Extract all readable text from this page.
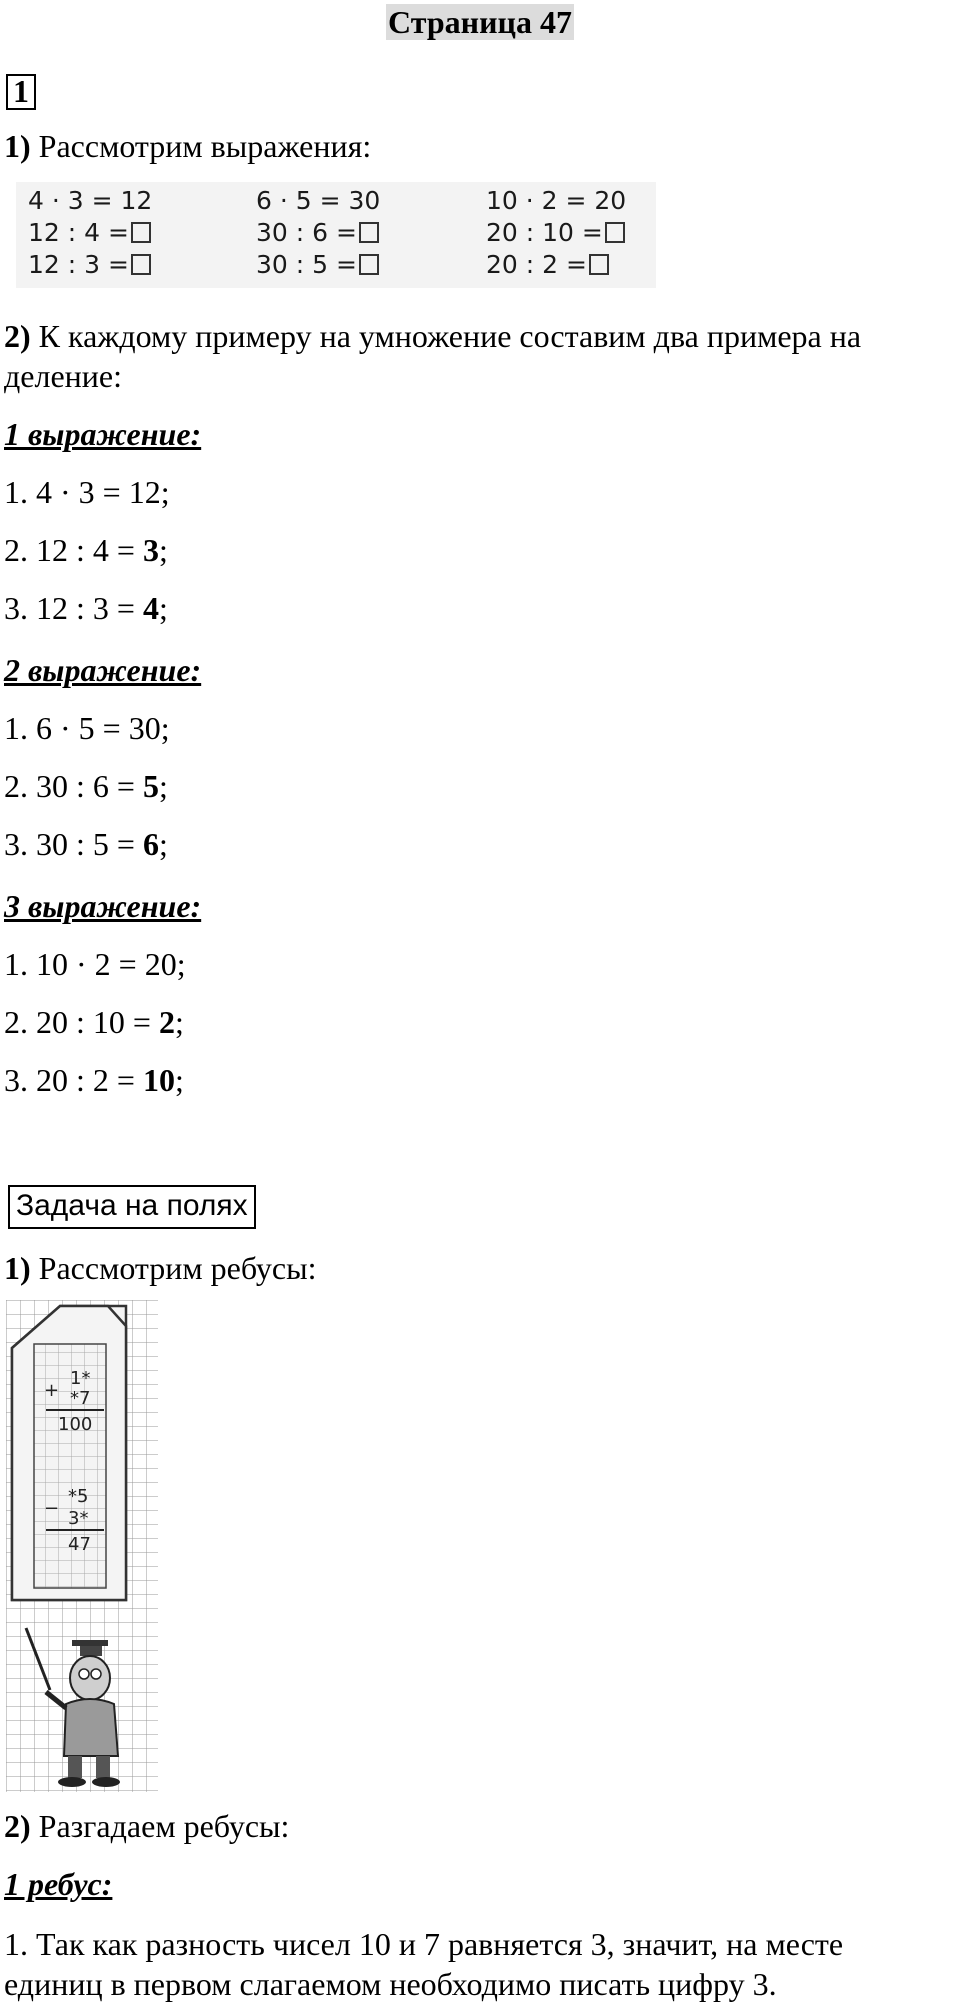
Страница 47
1
1) Рассмотрим выражения:
4 · 3 = 12
12 : 4 =
12 : 3 =
6 · 5 = 30
30 : 6 =
30 : 5 =
10 · 2 = 20
20 : 10 =
20 : 2 =
2) К каждому примеру на умножение составим два примера на
деление:
1 выражение:
1. 4 · 3 = 12;
2. 12 : 4 = 3;
3. 12 : 3 = 4;
2 выражение:
1. 6 · 5 = 30;
2. 30 : 6 = 5;
3. 30 : 5 = 6;
3 выражение:
1. 10 · 2 = 20;
2. 20 : 10 = 2;
3. 20 : 2 = 10;
Задача на полях
1) Рассмотрим ребусы:
+
1*
*7
100
−
*5
3*
47
2) Разгадаем ребусы:
1 ребус:
1. Так как разность чисел 10 и 7 равняется 3, значит, на месте
единиц в первом слагаемом необходимо писать цифру 3.
